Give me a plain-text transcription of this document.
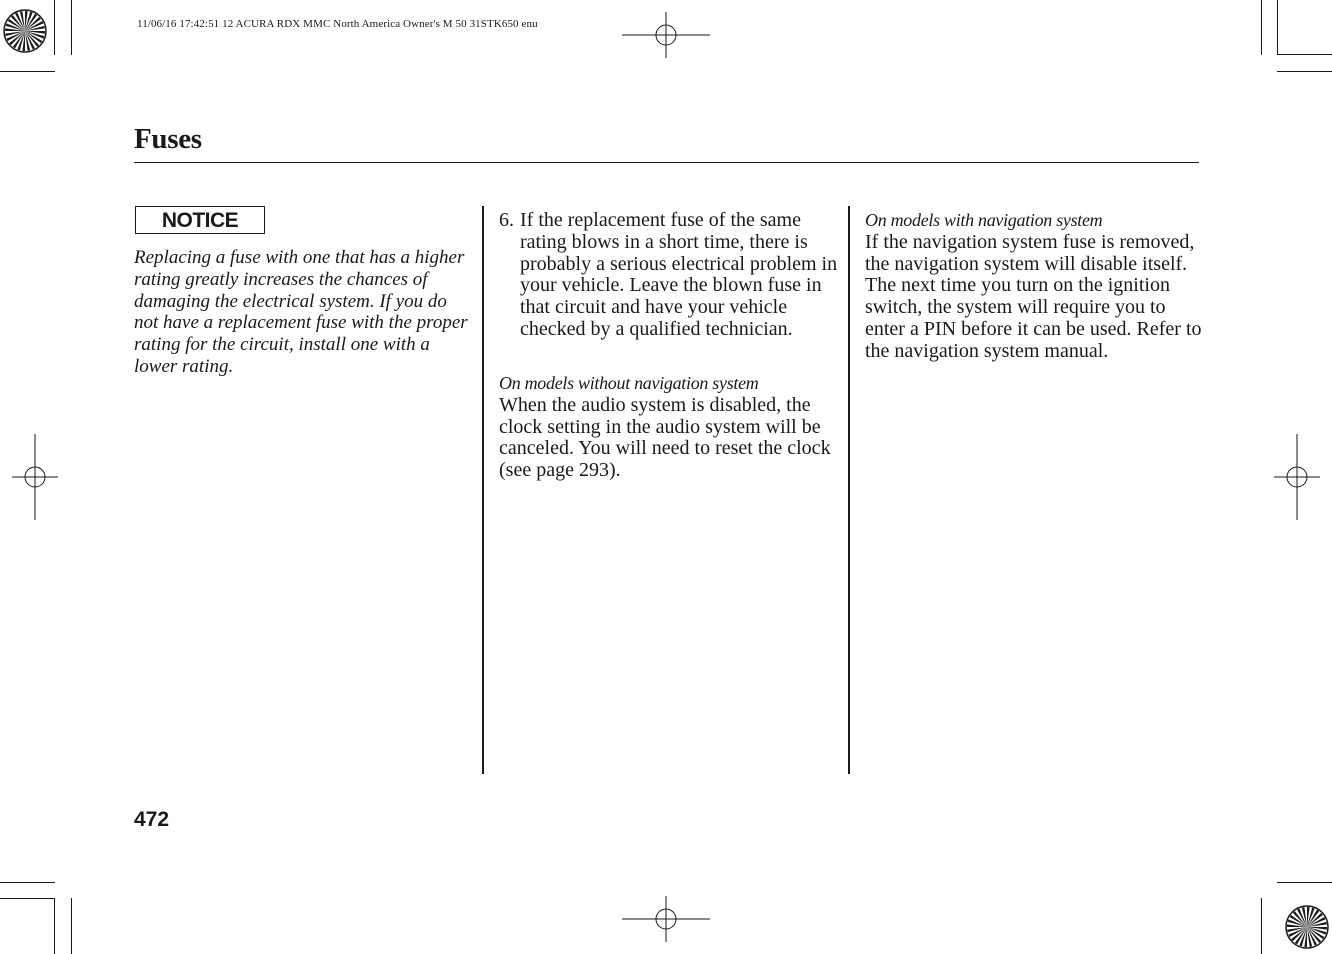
11/06/16 17:42:51 12 ACURA RDX MMC North America Owner's M 50 31STK650 enu
Fuses
NOTICE
Replacing a fuse with one that has a higher rating greatly increases the chances of damaging the electrical system. If you do not have a replacement fuse with the proper rating for the circuit, install one with a lower rating.
6. If the replacement fuse of the same rating blows in a short time, there is probably a serious electrical problem in your vehicle. Leave the blown fuse in that circuit and have your vehicle checked by a qualified technician.
On models without navigation system
When the audio system is disabled, the clock setting in the audio system will be canceled. You will need to reset the clock (see page 293).
On models with navigation system
If the navigation system fuse is removed, the navigation system will disable itself. The next time you turn on the ignition switch, the system will require you to enter a PIN before it can be used. Refer to the navigation system manual.
472
